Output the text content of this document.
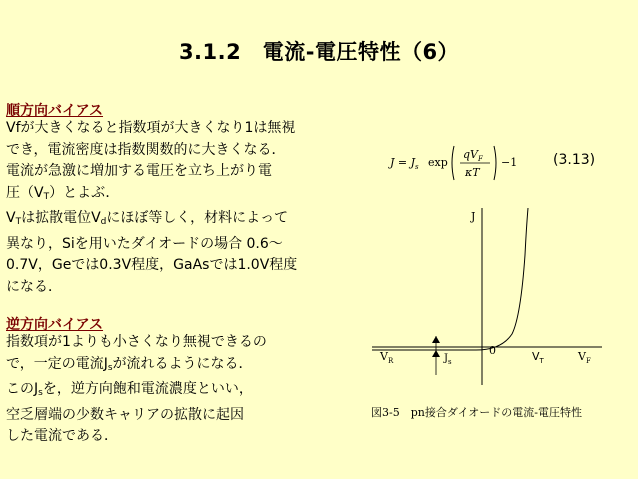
3.1.2　電流-電圧特性（6）
順方向バイアス

Vfが大きくなると指数項が大きくなり1は無視

でき，電流密度は指数関数的に大きくなる．

電流が急激に増加する電圧を立ち上がり電

圧$(V_T)$とよぶ．

$V_T$は拡散電位$V_d$にほぼ等しく，材料によって

異なり，Siを用いたダイオードの場合 0.6～

0.7V，Geでは0.3V程度，GaAsでは1.0V程度

になる．

逆方向バイアス

指数項が1よりも小さくなり無視できるの

で，一定の電流$J_s$が流れるようになる．

この$J_s$を，逆方向飽和電流濃度といい，

空乏層端の少数キャリアの拡散に起因

した電流である．

$J = J_s$ exp
$qV_F$
κT
−1	(3.13)
J
$J_s$
$V_R$
0	$V_T$	$V_F$
図3-5　pn接合ダイオードの電流-電圧特性
